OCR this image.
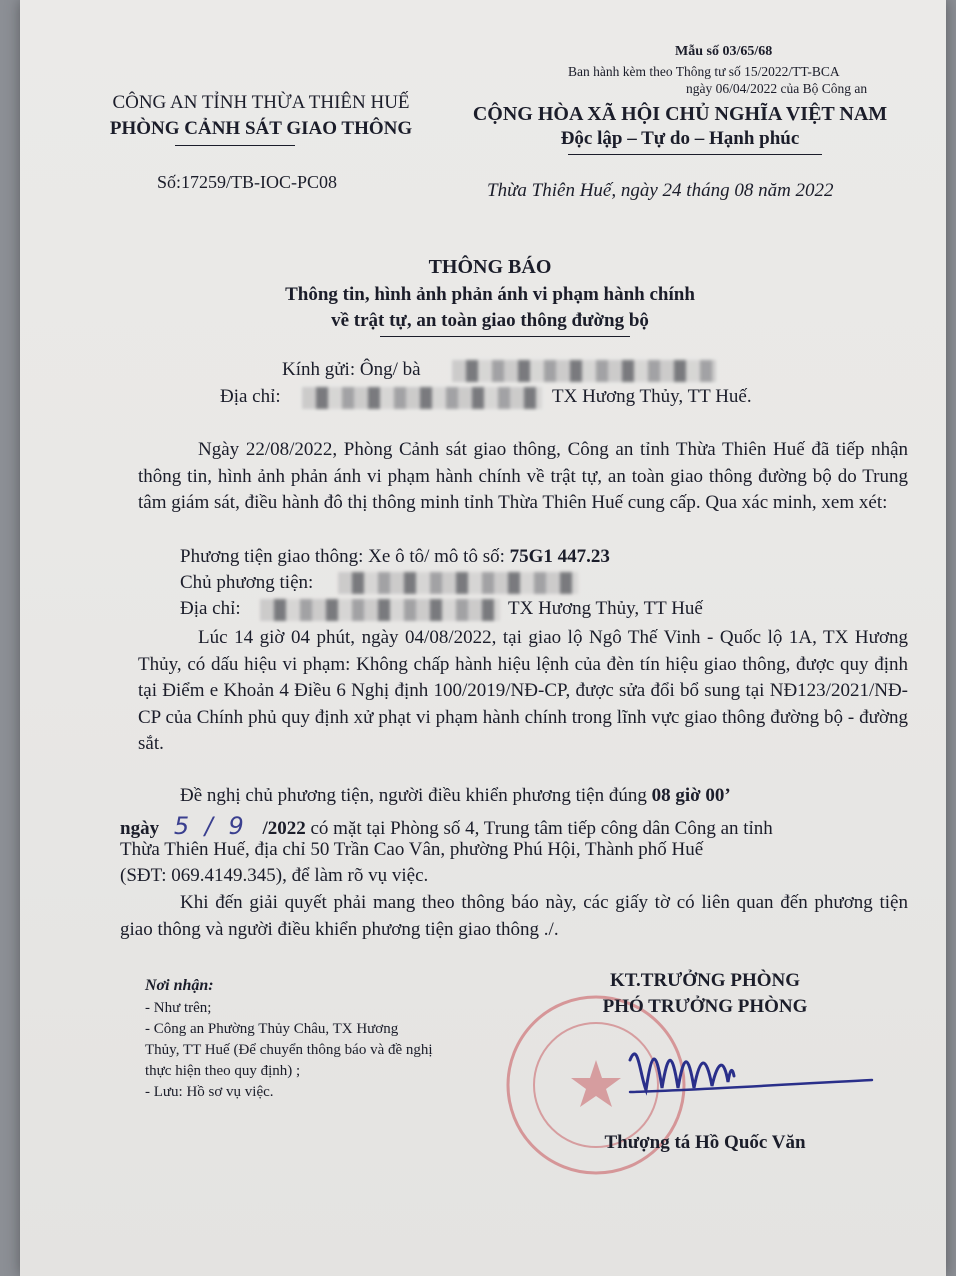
Mẫu số 03/65/68
Ban hành kèm theo Thông tư số 15/2022/TT-BCA
ngày 06/04/2022 của Bộ Công an
CÔNG AN TỈNH THỪA THIÊN HUẾ
PHÒNG CẢNH SÁT GIAO THÔNG
Số:17259/TB-IOC-PC08
CỘNG HÒA XÃ HỘI CHỦ NGHĨA VIỆT NAM
Độc lập – Tự do – Hạnh phúc
Thừa Thiên Huế, ngày 24 tháng 08 năm 2022
THÔNG BÁO
Thông tin, hình ảnh phản ánh vi phạm hành chính
về trật tự, an toàn giao thông đường bộ
Kính gửi: Ông/ bà
Địa chỉ:	TX Hương Thủy, TT Huế.
Ngày 22/08/2022, Phòng Cảnh sát giao thông, Công an tỉnh Thừa Thiên Huế đã tiếp nhận thông tin, hình ảnh phản ánh vi phạm hành chính về trật tự, an toàn giao thông đường bộ do Trung tâm giám sát, điều hành đô thị thông minh tỉnh Thừa Thiên Huế cung cấp. Qua xác minh, xem xét:
Phương tiện giao thông: Xe ô tô/ mô tô số: 75G1 447.23
Chủ phương tiện:
Địa chỉ:	TX Hương Thủy, TT Huế
Lúc 14 giờ 04 phút, ngày 04/08/2022, tại giao lộ Ngô Thế Vinh - Quốc lộ 1A, TX Hương Thủy, có dấu hiệu vi phạm: Không chấp hành hiệu lệnh của đèn tín hiệu giao thông, được quy định tại Điểm e Khoản 4 Điều 6 Nghị định 100/2019/NĐ-CP, được sửa đổi bổ sung tại NĐ123/2021/NĐ-CP của Chính phủ quy định xử phạt vi phạm hành chính trong lĩnh vực giao thông đường bộ - đường sắt.
Đề nghị chủ phương tiện, người điều khiển phương tiện đúng 08 giờ 00’
ngày 5 / 9 /2022 có mặt tại Phòng số 4, Trung tâm tiếp công dân Công an tỉnh
Thừa Thiên Huế, địa chỉ 50 Trần Cao Vân, phường Phú Hội, Thành phố Huế
(SĐT: 069.4149.345), để làm rõ vụ việc.
Khi đến giải quyết phải mang theo thông báo này, các giấy tờ có liên quan đến phương tiện giao thông và người điều khiển phương tiện giao thông ./.
Nơi nhận:
- Như trên;
- Công an Phường Thủy Châu, TX Hương
Thủy, TT Huế (Để chuyển thông báo và đề nghị
thực hiện theo quy định) ;
- Lưu: Hồ sơ vụ việc.
KT.TRƯỞNG PHÒNG
PHÓ TRƯỞNG PHÒNG
Thượng tá Hồ Quốc Văn
